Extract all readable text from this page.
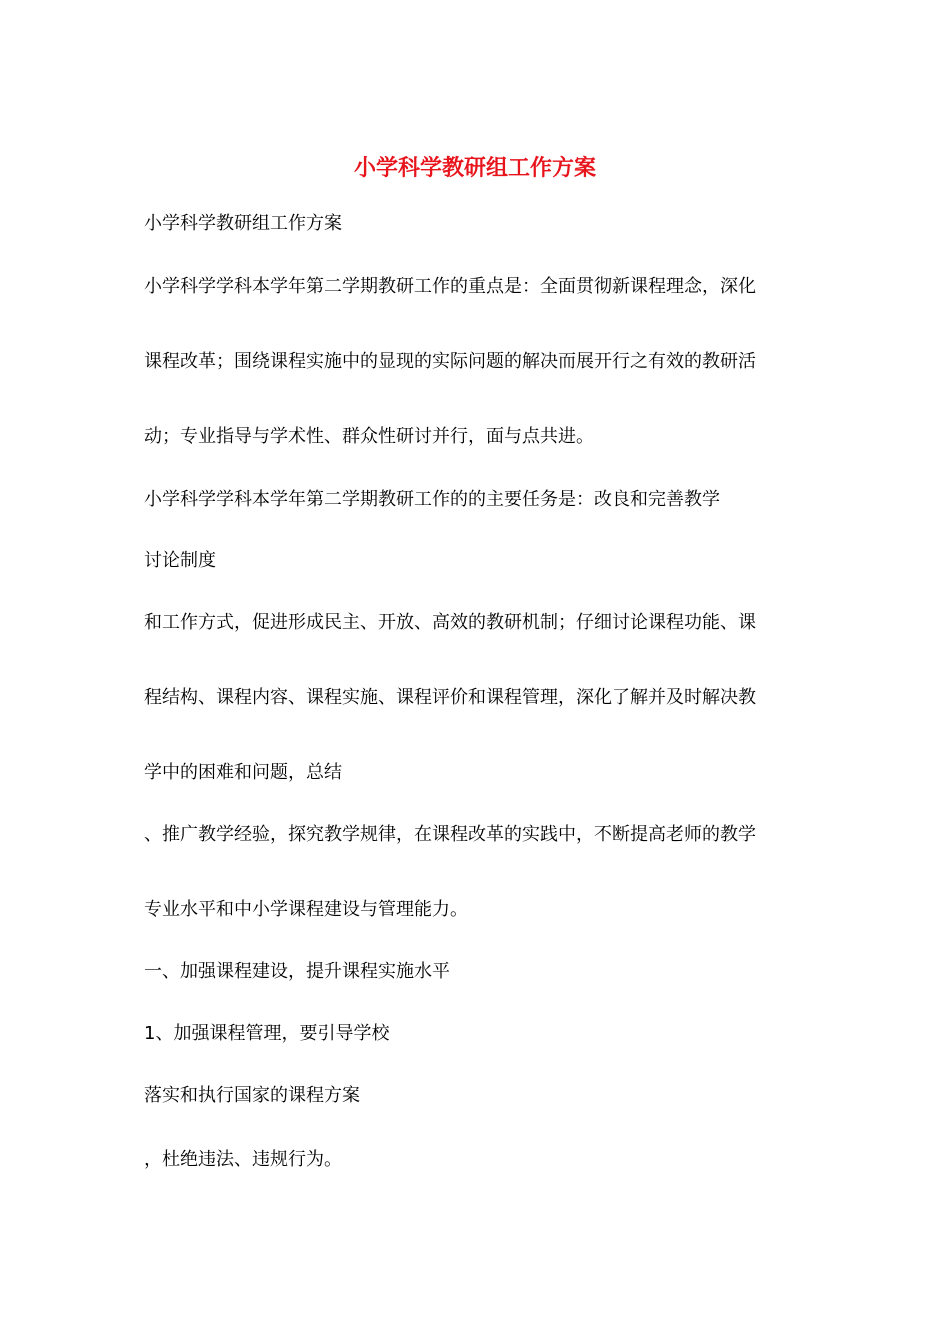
小学科学教研组工作方案
小学科学教研组工作方案
小学科学学科本学年第二学期教研工作的重点是：全面贯彻新课程理念，深化
课程改革；围绕课程实施中的显现的实际问题的解决而展开行之有效的教研活
动；专业指导与学术性、群众性研讨并行，面与点共进。
小学科学学科本学年第二学期教研工作的的主要任务是：改良和完善教学
讨论制度
和工作方式，促进形成民主、开放、高效的教研机制；仔细讨论课程功能、课
程结构、课程内容、课程实施、课程评价和课程管理，深化了解并及时解决教
学中的困难和问题，总结
、推广教学经验，探究教学规律，在课程改革的实践中，不断提高老师的教学
专业水平和中小学课程建设与管理能力。
一、加强课程建设，提升课程实施水平
1、加强课程管理，要引导学校
落实和执行国家的课程方案
，杜绝违法、违规行为。
